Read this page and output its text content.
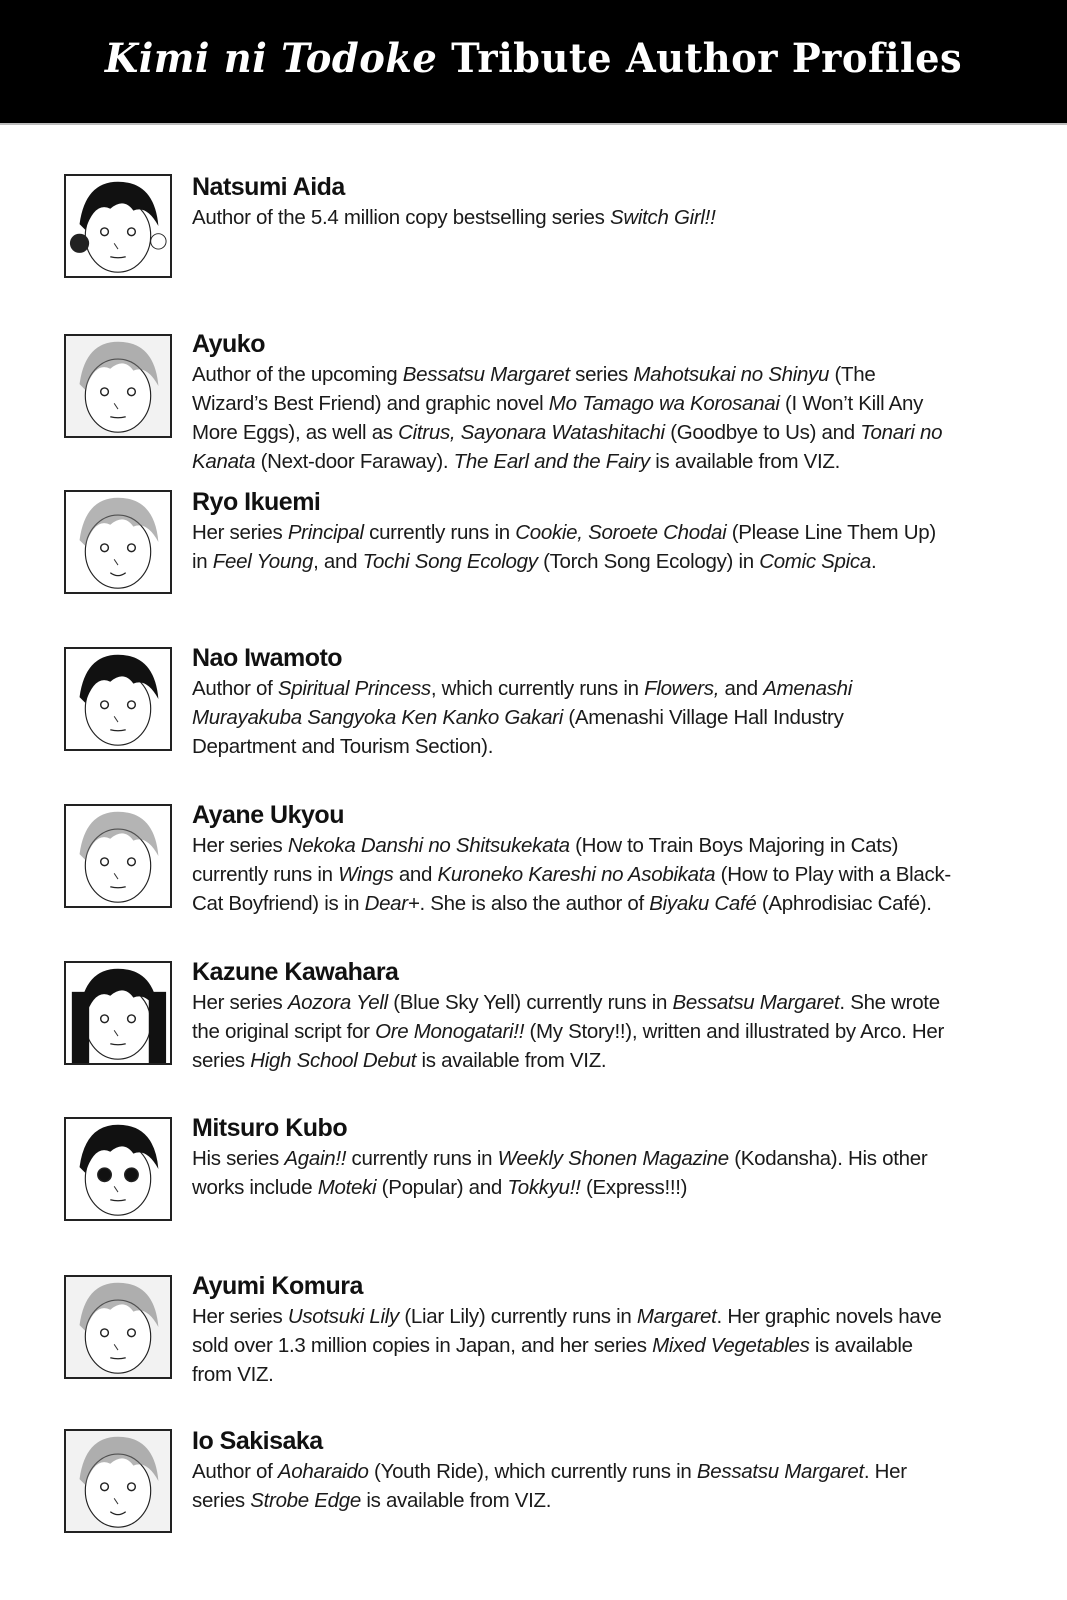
Kimi ni Todoke Tribute Author Profiles
Natsumi Aida
Author of the 5.4 million copy bestselling series Switch Girl!!
Ayuko
Author of the upcoming Bessatsu Margaret series Mahotsukai no Shinyu (The Wizard’s Best Friend) and graphic novel Mo Tamago wa Korosanai (I Won’t Kill Any More Eggs), as well as Citrus, Sayonara Watashitachi (Goodbye to Us) and Tonari no Kanata (Next-door Faraway). The Earl and the Fairy is available from VIZ.
Ryo Ikuemi
Her series Principal currently runs in Cookie, Soroete Chodai (Please Line Them Up) in Feel Young, and Tochi Song Ecology (Torch Song Ecology) in Comic Spica.
Nao Iwamoto
Author of Spiritual Princess, which currently runs in Flowers, and Amenashi Murayakuba Sangyoka Ken Kanko Gakari (Amenashi Village Hall Industry Department and Tourism Section).
Ayane Ukyou
Her series Nekoka Danshi no Shitsukekata (How to Train Boys Majoring in Cats) currently runs in Wings and Kuroneko Kareshi no Asobikata (How to Play with a Black-Cat Boyfriend) is in Dear+. She is also the author of Biyaku Café (Aphrodisiac Café).
Kazune Kawahara
Her series Aozora Yell (Blue Sky Yell) currently runs in Bessatsu Margaret. She wrote the original script for Ore Monogatari!! (My Story!!), written and illustrated by Arco. Her series High School Debut is available from VIZ.
Mitsuro Kubo
His series Again!! currently runs in Weekly Shonen Magazine (Kodansha). His other works include Moteki (Popular) and Tokkyu!! (Express!!!)
Ayumi Komura
Her series Usotsuki Lily (Liar Lily) currently runs in Margaret. Her graphic novels have sold over 1.3 million copies in Japan, and her series Mixed Vegetables is available from VIZ.
Io Sakisaka
Author of Aoharaido (Youth Ride), which currently runs in Bessatsu Margaret. Her series Strobe Edge is available from VIZ.
